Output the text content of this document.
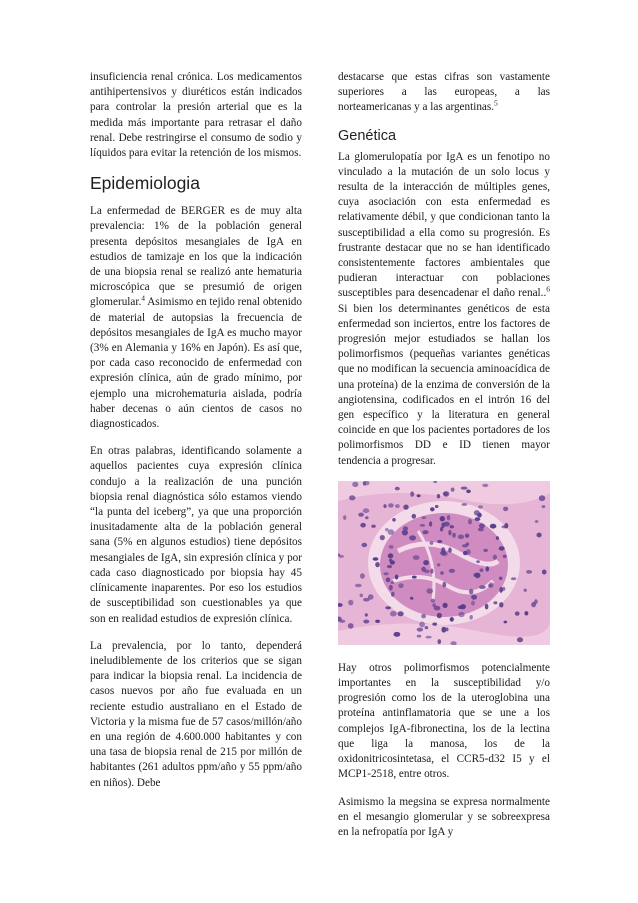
insuficiencia renal crónica. Los medicamentos antihipertensivos y diuréticos están indicados para controlar la presión arterial que es la medida más importante para retrasar el daño renal. Debe restringirse el consumo de sodio y líquidos para evitar la retención de los mismos.

Epidemiologia

La enfermedad de BERGER es de muy alta prevalencia: 1% de la población general presenta depósitos mesangiales de IgA en estudios de tamizaje en los que la indicación de una biopsia renal se realizó ante hematuria microscópica que se presumió de origen glomerular.$^4$ Asimismo en tejido renal obtenido de material de autopsias la frecuencia de depósitos mesangiales de IgA es mucho mayor (3% en Alemania y 16% en Japón). Es así que, por cada caso reconocido de enfermedad con expresión clínica, aún de grado mínimo, por ejemplo una microhematuria aislada, podría haber decenas o aún cientos de casos no diagnosticados.

En otras palabras, identificando solamente a aquellos pacientes cuya expresión clínica condujo a la realización de una punción biopsia renal diagnóstica sólo estamos viendo “la punta del iceberg”, ya que una proporción inusitadamente alta de la población general sana (5% en algunos estudios) tiene depósitos mesangiales de IgA, sin expresión clínica y por cada caso diagnosticado por biopsia hay 45 clínicamente inaparentes. Por eso los estudios de susceptibilidad son cuestionables ya que son en realidad estudios de expresión clínica.

La prevalencia, por lo tanto, dependerá ineludiblemente de los criterios que se sigan para indicar la biopsia renal. La incidencia de casos nuevos por año fue evaluada en un reciente estudio australiano en el Estado de Victoria y la misma fue de 57 casos/millón/año en una región de 4.600.000 habitantes y con una tasa de biopsia renal de 215 por millón de habitantes (261 adultos ppm/año y 55 ppm/año en niños). Debe

destacarse que estas cifras son vastamente superiores a las europeas, a las norteamericanas y a las argentinas.$^5$

Genética

La glomerulopatía por IgA es un fenotipo no vinculado a la mutación de un solo locus y resulta de la interacción de múltiples genes, cuya asociación con esta enfermedad es relativamente débil, y que condicionan tanto la susceptibilidad a ella como su progresión. Es frustrante destacar que no se han identificado consistentemente factores ambientales que pudieran interactuar con poblaciones susceptibles para desencadenar el daño renal..$^6$ Si bien los determinantes genéticos de esta enfermedad son inciertos, entre los factores de progresión mejor estudiados se hallan los polimorfismos (pequeñas variantes genéticas que no modifican la secuencia aminoacídica de una proteína) de la enzima de conversión de la angiotensina, codificados en el intrón 16 del gen específico y la literatura en general coincide en que los pacientes portadores de los polimorfismos DD e ID tienen mayor tendencia a progresar.

Hay otros polimorfismos potencialmente importantes en la susceptibilidad y/o progresión como los de la uteroglobina una proteína antinflamatoria que se une a los complejos IgA-fibronectina, los de la lectina que liga la manosa, los de la oxidonitricosintetasa, el CCR5-d32 I5 y el MCP1-2518, entre otros.

Asimismo la megsina se expresa normalmente en el mesangio glomerular y se sobreexpresa en la nefropatía por IgA y
